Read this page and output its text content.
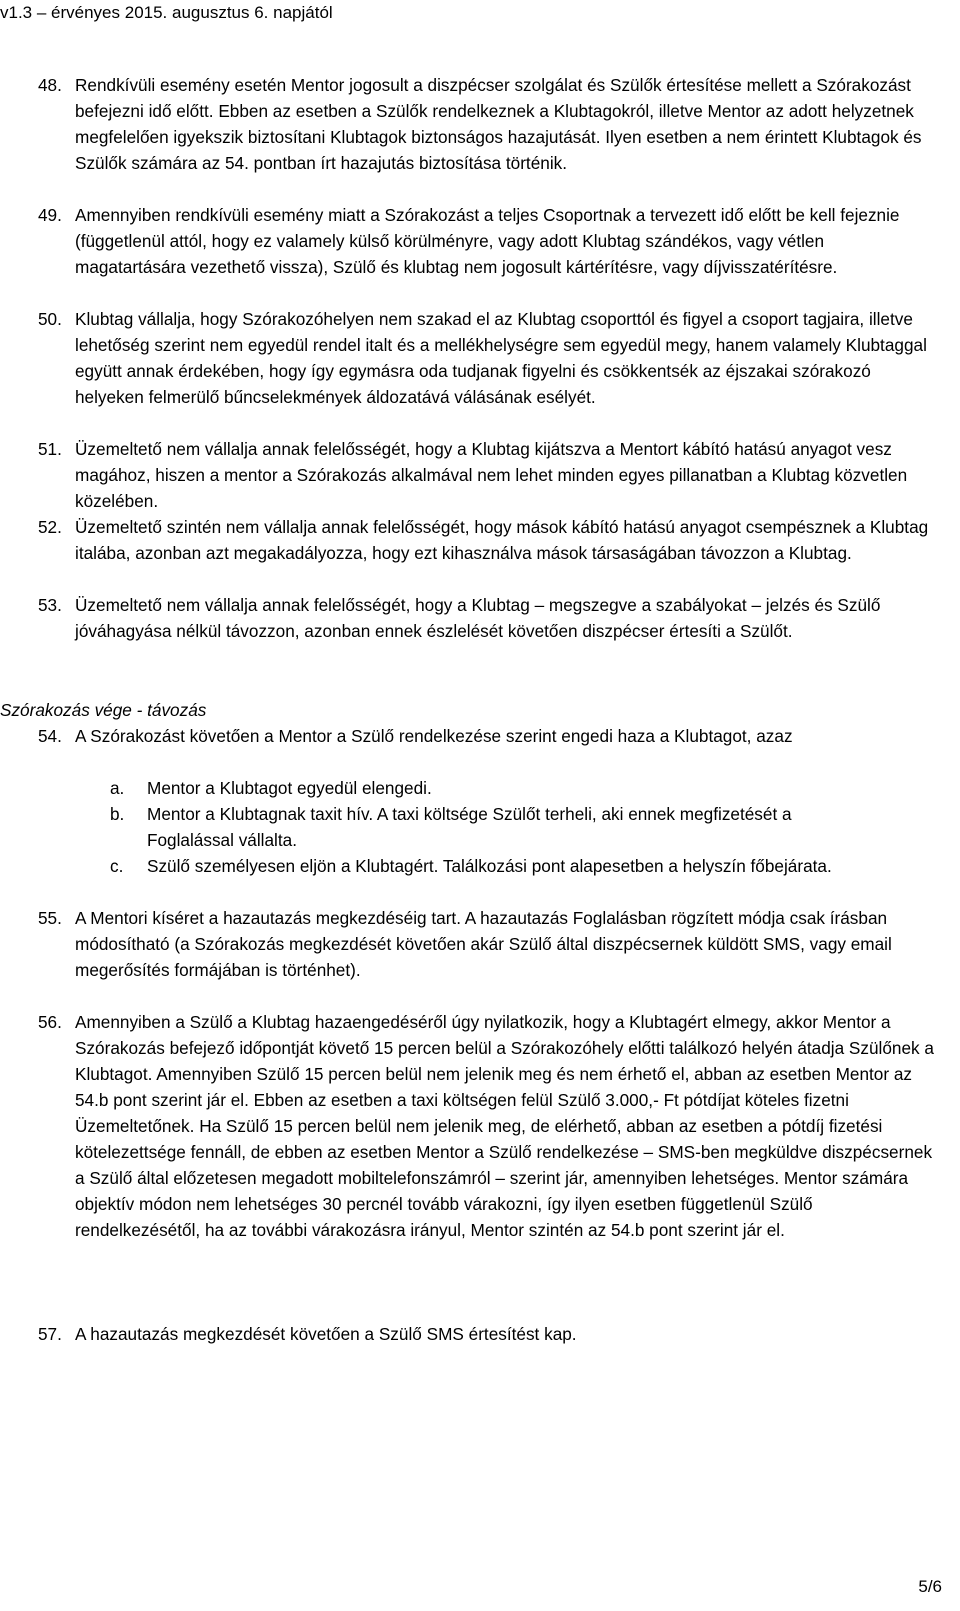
v1.3 – érvényes 2015. augusztus 6. napjától
48. Rendkívüli esemény esetén Mentor jogosult a diszpécser szolgálat és Szülők értesítése mellett a Szórakozást befejezni idő előtt. Ebben az esetben a Szülők rendelkeznek a Klubtagokról, illetve Mentor az adott helyzetnek megfelelően igyekszik biztosítani Klubtagok biztonságos hazajutását. Ilyen esetben a nem érintett Klubtagok és Szülők számára az 54. pontban írt hazajutás biztosítása történik.
49. Amennyiben rendkívüli esemény miatt a Szórakozást a teljes Csoportnak a tervezett idő előtt be kell fejeznie (függetlenül attól, hogy ez valamely külső körülményre, vagy adott Klubtag szándékos, vagy vétlen magatartására vezethető vissza), Szülő és klubtag nem jogosult kártérítésre, vagy díjvisszatérítésre.
50. Klubtag vállalja, hogy Szórakozóhelyen nem szakad el az Klubtag csoporttól és figyel a csoport tagjaira, illetve lehetőség szerint nem egyedül rendel italt és a mellékhelységre sem egyedül megy, hanem valamely Klubtaggal együtt annak érdekében, hogy így egymásra oda tudjanak figyelni és csökkentsék az éjszakai szórakozó helyeken felmerülő bűncselekmények áldozatává válásának esélyét.
51. Üzemeltető nem vállalja annak felelősségét, hogy a Klubtag kijátszva a Mentort kábító hatású anyagot vesz magához, hiszen a mentor a Szórakozás alkalmával nem lehet minden egyes pillanatban a Klubtag közvetlen közelében.
52. Üzemeltető szintén nem vállalja annak felelősségét, hogy mások kábító hatású anyagot csempésznek a Klubtag italába, azonban azt megakadályozza, hogy ezt kihasználva mások társaságában távozzon a Klubtag.
53. Üzemeltető nem vállalja annak felelősségét, hogy a Klubtag – megszegve a szabályokat – jelzés és Szülő jóváhagyása nélkül távozzon, azonban ennek észlelését követően diszpécser értesíti a Szülőt.
Szórakozás vége - távozás
54. A Szórakozást követően a Mentor a Szülő rendelkezése szerint engedi haza a Klubtagot, azaz
a. Mentor a Klubtagot egyedül elengedi.
b. Mentor a Klubtagnak taxit hív. A taxi költsége Szülőt terheli, aki ennek megfizetését a Foglalással vállalta.
c. Szülő személyesen eljön a Klubtagért. Találkozási pont alapesetben a helyszín főbejárata.
55. A Mentori kíséret a hazautazás megkezdéséig tart. A hazautazás Foglalásban rögzített módja csak írásban módosítható (a Szórakozás megkezdését követően akár Szülő által diszpécsernek küldött SMS, vagy email megerősítés formájában is történhet).
56. Amennyiben a Szülő a Klubtag hazaengedéséről úgy nyilatkozik, hogy a Klubtagért elmegy, akkor Mentor a Szórakozás befejező időpontját követő 15 percen belül a Szórakozóhely előtti találkozó helyén átadja Szülőnek a Klubtagot. Amennyiben Szülő 15 percen belül nem jelenik meg és nem érhető el, abban az esetben Mentor az 54.b pont szerint jár el. Ebben az esetben a taxi költségen felül Szülő 3.000,- Ft pótdíjat köteles fizetni Üzemeltetőnek. Ha Szülő 15 percen belül nem jelenik meg, de elérhető, abban az esetben a pótdíj fizetési kötelezettsége fennáll, de ebben az esetben Mentor a Szülő rendelkezése – SMS-ben megküldve diszpécsernek a Szülő által előzetesen megadott mobiltelefonszámról – szerint jár, amennyiben lehetséges. Mentor számára objektív módon nem lehetséges 30 percnél tovább várakozni, így ilyen esetben függetlenül Szülő rendelkezésétől, ha az további várakozásra irányul, Mentor szintén az 54.b pont szerint jár el.
57. A hazautazás megkezdését követően a Szülő SMS értesítést kap.
5/6
